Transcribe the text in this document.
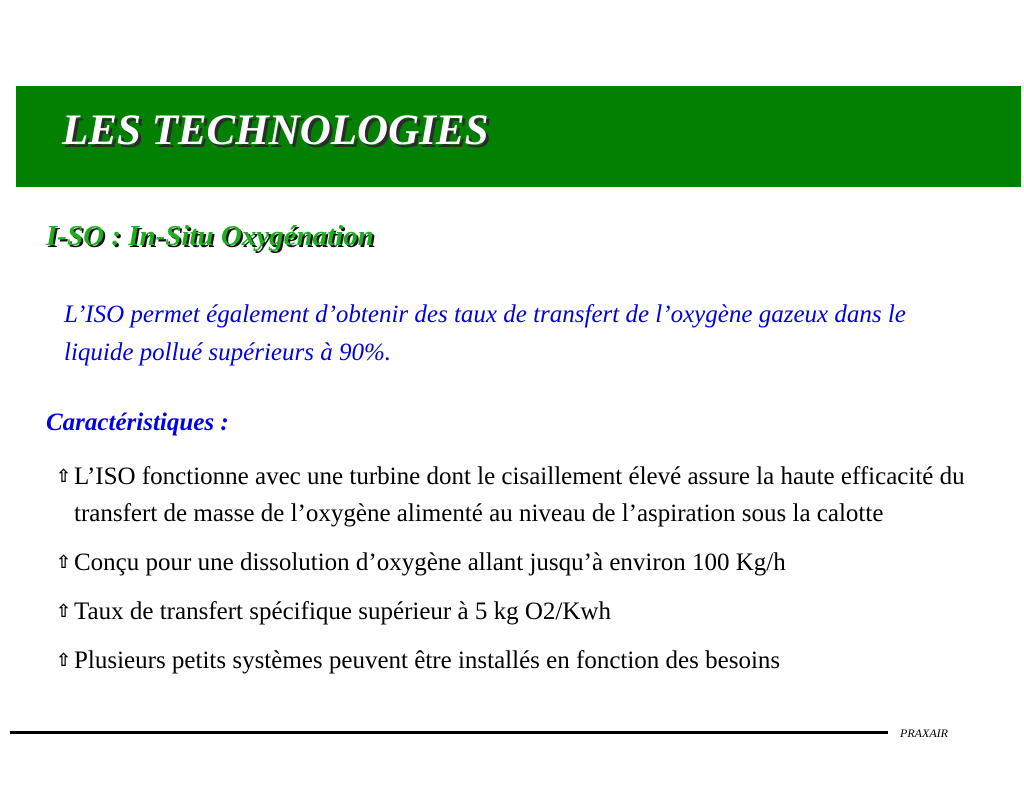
LES TECHNOLOGIES
I-SO : In-Situ Oxygénation

L’ISO permet également d’obtenir des taux de transfert de l’oxygène gazeux dans le liquide pollué supérieurs à 90%.

Caractéristiques :
⇧ L’ISO fonctionne avec une turbine dont le cisaillement élevé assure la haute efficacité du transfert de masse de l’oxygène alimenté au niveau de l’aspiration sous la calotte
⇧ Conçu pour une dissolution d’oxygène allant jusqu’à environ 100 Kg/h
⇧ Taux de transfert spécifique supérieur à 5 kg O2/Kwh
⇧ Plusieurs petits systèmes peuvent être installés en fonction des besoins

PRAXAIR
